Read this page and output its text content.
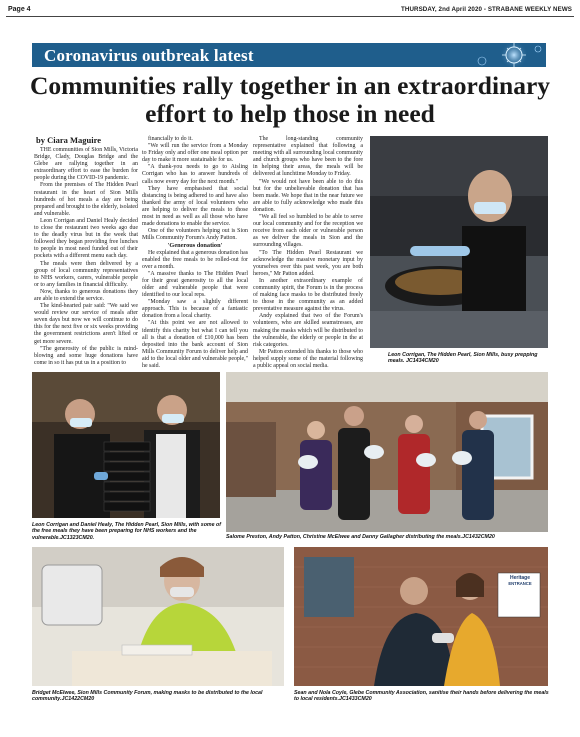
Page 4	THURSDAY, 2nd April 2020 - STRABANE WEEKLY NEWS
Coronavirus outbreak latest
Communities rally together in an extraordinary effort to help those in need
by Ciara Maguire

THE communities of Sion Mills, Victoria Bridge, Clady, Douglas Bridge and the Glebe are rallying together in an extraordinary effort to ease the burden for people during the COVID-19 pandemic.

From the premises of The Hidden Pearl restaurant in the heart of Sion Mills hundreds of hot meals a day are being prepared and brought to the elderly, isolated and vulnerable.

Leon Corrigan and Daniel Healy decided to close the restaurant two weeks ago due to the deadly virus but in the week that followed they began providing free lunches to people in most need funded out of their pockets with a different menu each day.

The meals were then delivered by a group of local community representatives to NHS workers, carers, vulnerable people or to any families in financial difficulty.

Now, thanks to generous donations they are able to extend the service.

The kind-hearted pair said: "We said we would review our service of meals after seven days but now we will continue to do this for the next five or six weeks providing the government restrictions aren't lifted or get more severe.

"The generosity of the public is mind-blowing and some huge donations have come in so it has put us in a position to

financially to do it.

"We will run the service from a Monday to Friday only and offer one meal option per day to make it more sustainable for us.

"A thank-you needs to go to Aisling Corrigan who has to answer hundreds of calls now every day for the next month."

They have emphasised that social distancing is being adhered to and have also thanked the army of local volunteers who are helping to deliver the meals to those most in need as well as all those who have made donations to enable the service.

One of the volunteers helping out is Sion Mills Community Forum's Andy Patton.

'Generous donation'

He explained that a generous donation has enabled the free meals to be rolled-out for over a month.

"A massive thanks to The Hidden Pearl for their great generosity to all the local older and vulnerable people that were identified to our local reps.

"Monday saw a slightly different approach. This is because of a fantastic donation from a local charity.

"At this point we are not allowed to identify this charity but what I can tell you all is that a donation of £10,000 has been deposited into the bank account of Sion Mills Community Forum to deliver help and aid to the local older and vulnerable people," he said.

The long-standing community representative explained that following a meeting with all surrounding local community and church groups who have been to the fore in helping their areas, the meals will be delivered at lunchtime Monday to Friday.

"We would not have been able to do this but for the unbelievable donation that has been made. We hope that in the near future we are able to fully acknowledge who made this donation.

"We all feel so humbled to be able to serve our local community and for the reception we receive from each older or vulnerable person as we deliver the meals in Sion and the surrounding villages.

"To The Hidden Pearl Restaurant we acknowledge the massive monetary input by yourselves over this past week, you are both heroes," Mr Patton added.

In another extraordinary example of community spirit, the Forum is in the process of making face masks to be distributed freely to those in the community as an added preventative measure against the virus.

Andy explained that two of the Forum's volunteers, who are skilled seamstresses, are making the masks which will be distributed to the vulnerable, the elderly or people in the at risk categories.

Mr Patton extended his thanks to those who helped supply some of the material following a public appeal on social media.

Leon Corrigan, The Hidden Pearl, Sion Mills, busy prepping meals. JC1434CM20
Leon Corrigan and Daniel Healy, The Hidden Pearl, Sion Mills, with some of the free meals they have been preparing for NHS workers and the vulnerable.JC1323CM20.	Salome Preston, Andy Patton, Christine McElwee and Danny Gallagher distributing the meals.JC1432CM20
Bridget McElwee, Sion Mills Community Forum, making masks to be distributed to the local community.JC1422CM20
Heritage
ENTRANCE
Sean and Nola Coyle, Glebe Community Association, sanitise their hands before delivering the meals to local residents.JC1433CM20
